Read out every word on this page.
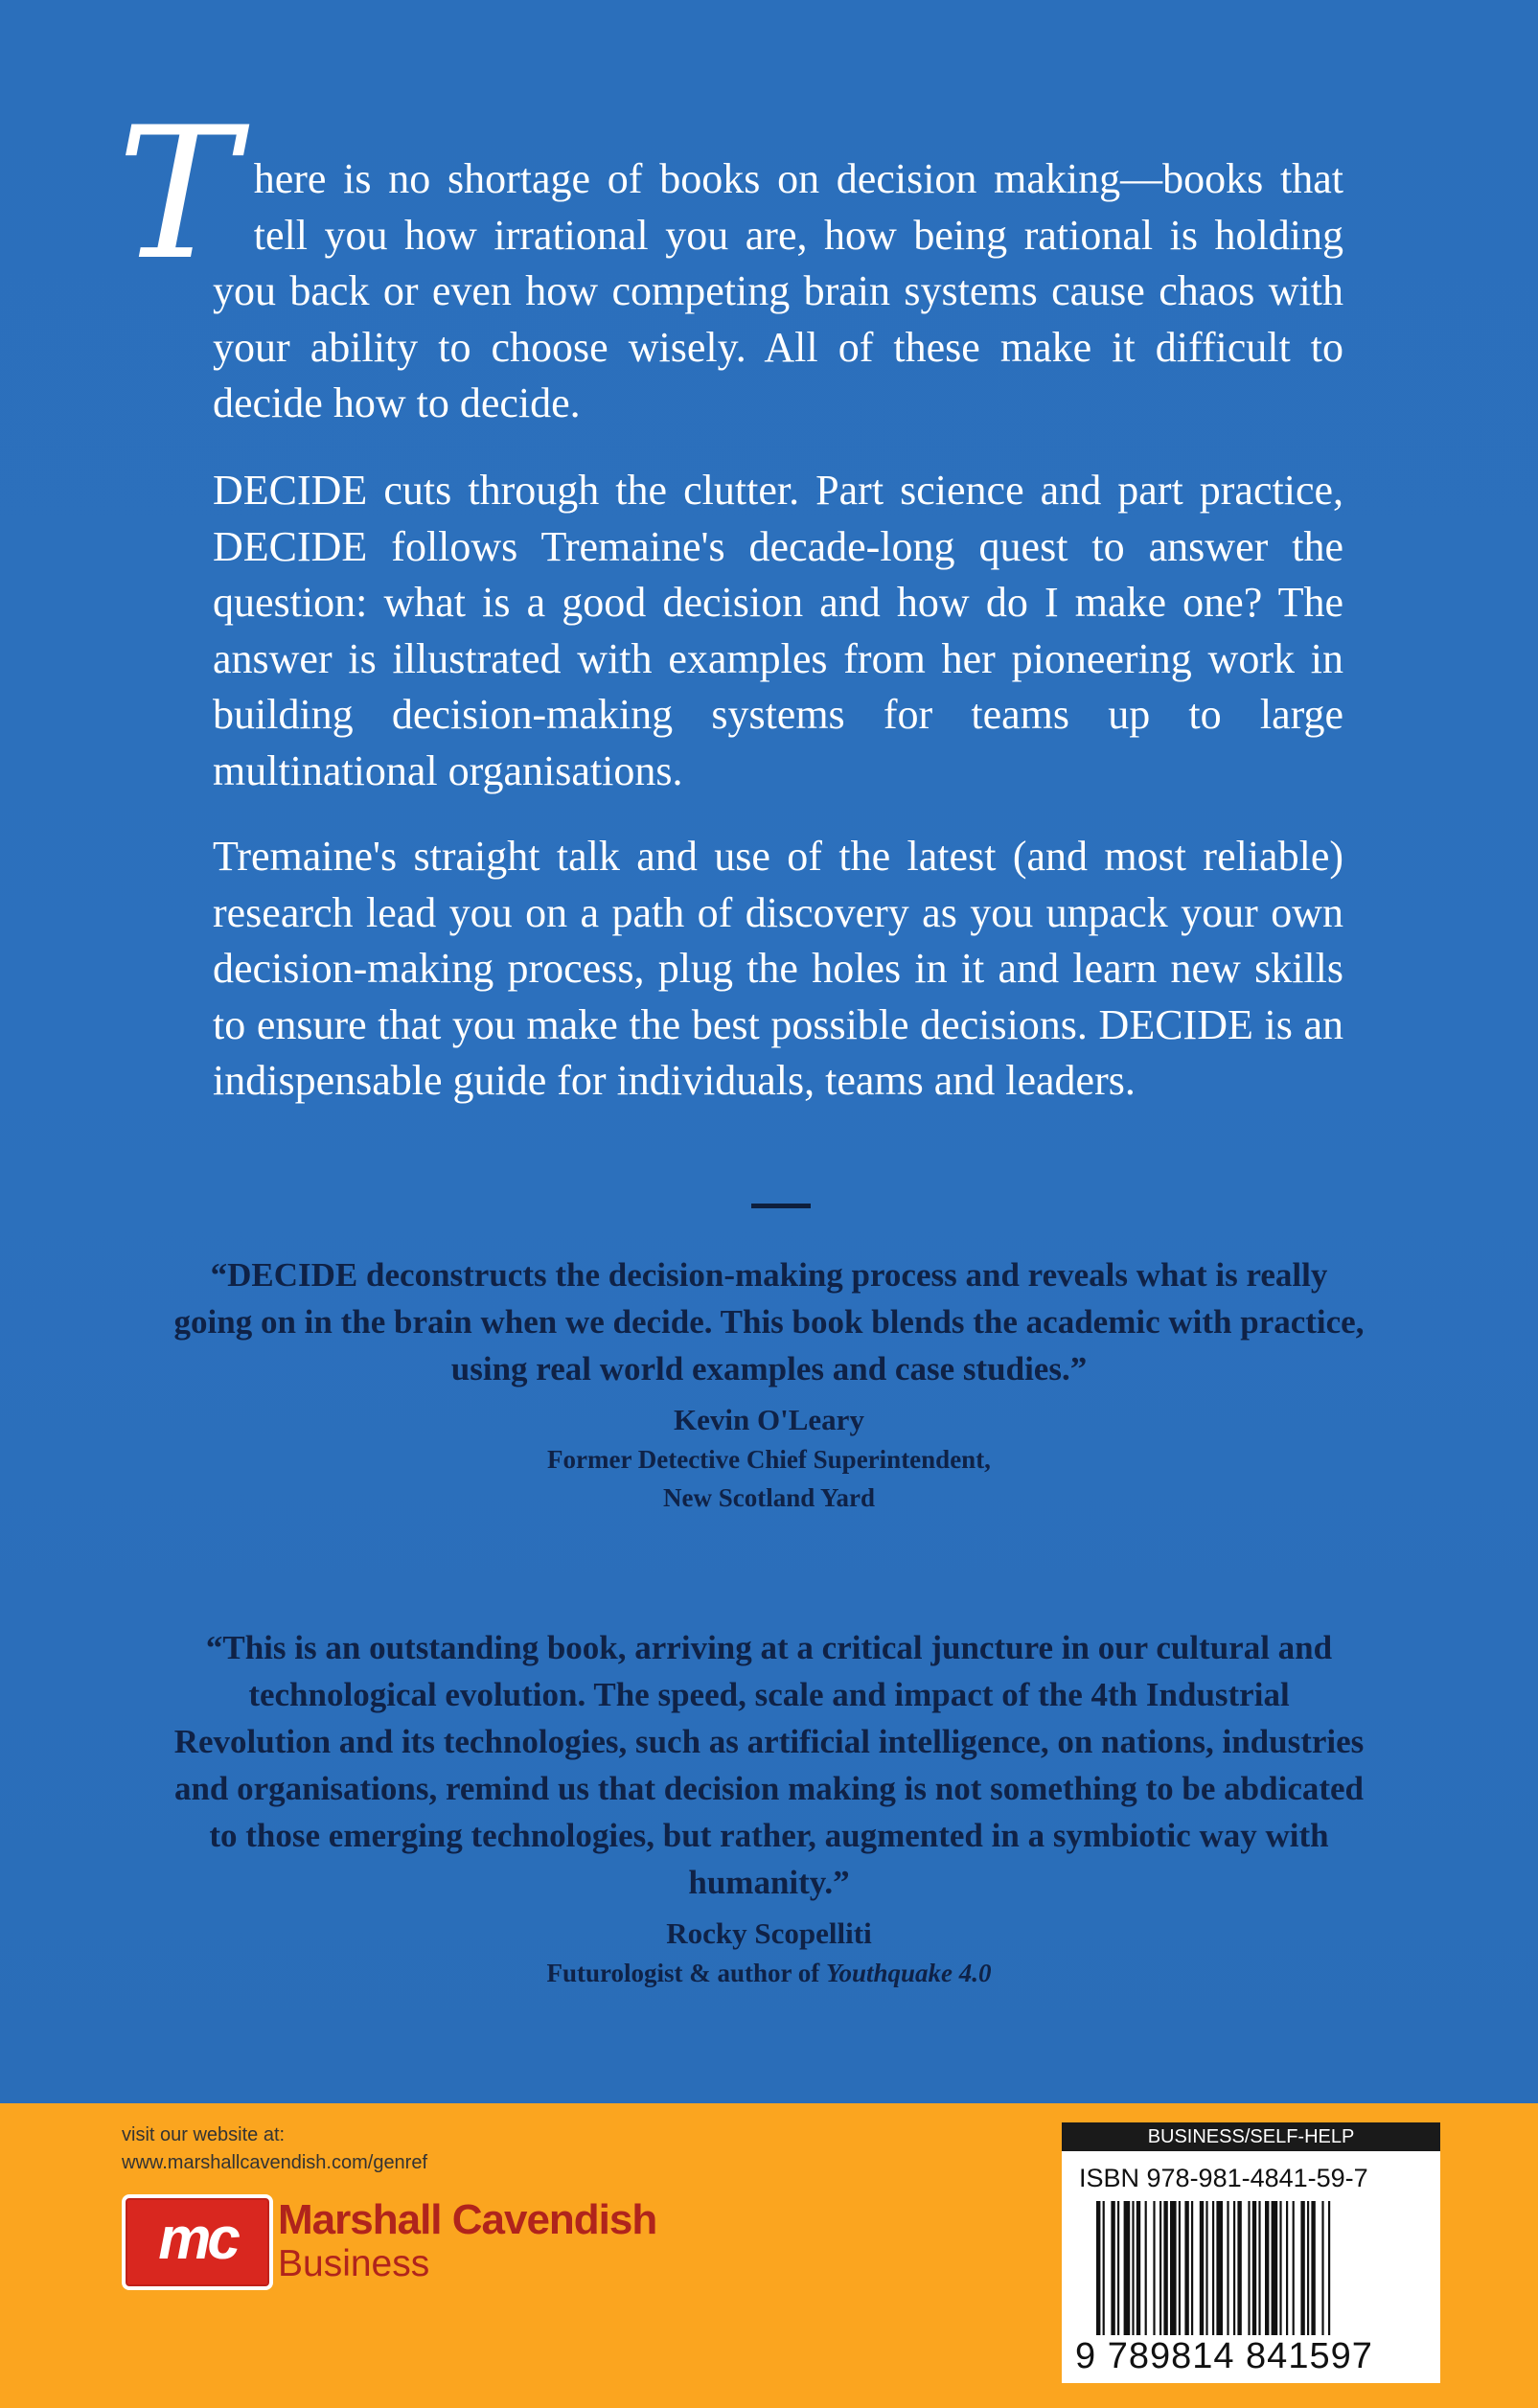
There is no shortage of books on decision making—books that tell you how irrational you are, how being rational is holding you back or even how competing brain systems cause chaos with your ability to choose wisely. All of these make it difficult to decide how to decide.
DECIDE cuts through the clutter. Part science and part practice, DECIDE follows Tremaine's decade-long quest to answer the question: what is a good decision and how do I make one? The answer is illustrated with examples from her pioneering work in building decision-making systems for teams up to large multinational organisations.
Tremaine's straight talk and use of the latest (and most reliable) research lead you on a path of discovery as you unpack your own decision-making process, plug the holes in it and learn new skills to ensure that you make the best possible decisions. DECIDE is an indispensable guide for individuals, teams and leaders.
“DECIDE deconstructs the decision-making process and reveals what is really going on in the brain when we decide. This book blends the academic with practice, using real world examples and case studies.”
Kevin O'Leary
Former Detective Chief Superintendent,
New Scotland Yard
“This is an outstanding book, arriving at a critical juncture in our cultural and technological evolution. The speed, scale and impact of the 4th Industrial Revolution and its technologies, such as artificial intelligence, on nations, industries and organisations, remind us that decision making is not something to be abdicated to those emerging technologies, but rather, augmented in a symbiotic way with humanity.”
Rocky Scopelliti
Futurologist & author of Youthquake 4.0
visit our website at:
www.marshallcavendish.com/genref
mc Marshall Cavendish
Business
BUSINESS/SELF-HELP
ISBN 978-981-4841-59-7
9 789814 841597
